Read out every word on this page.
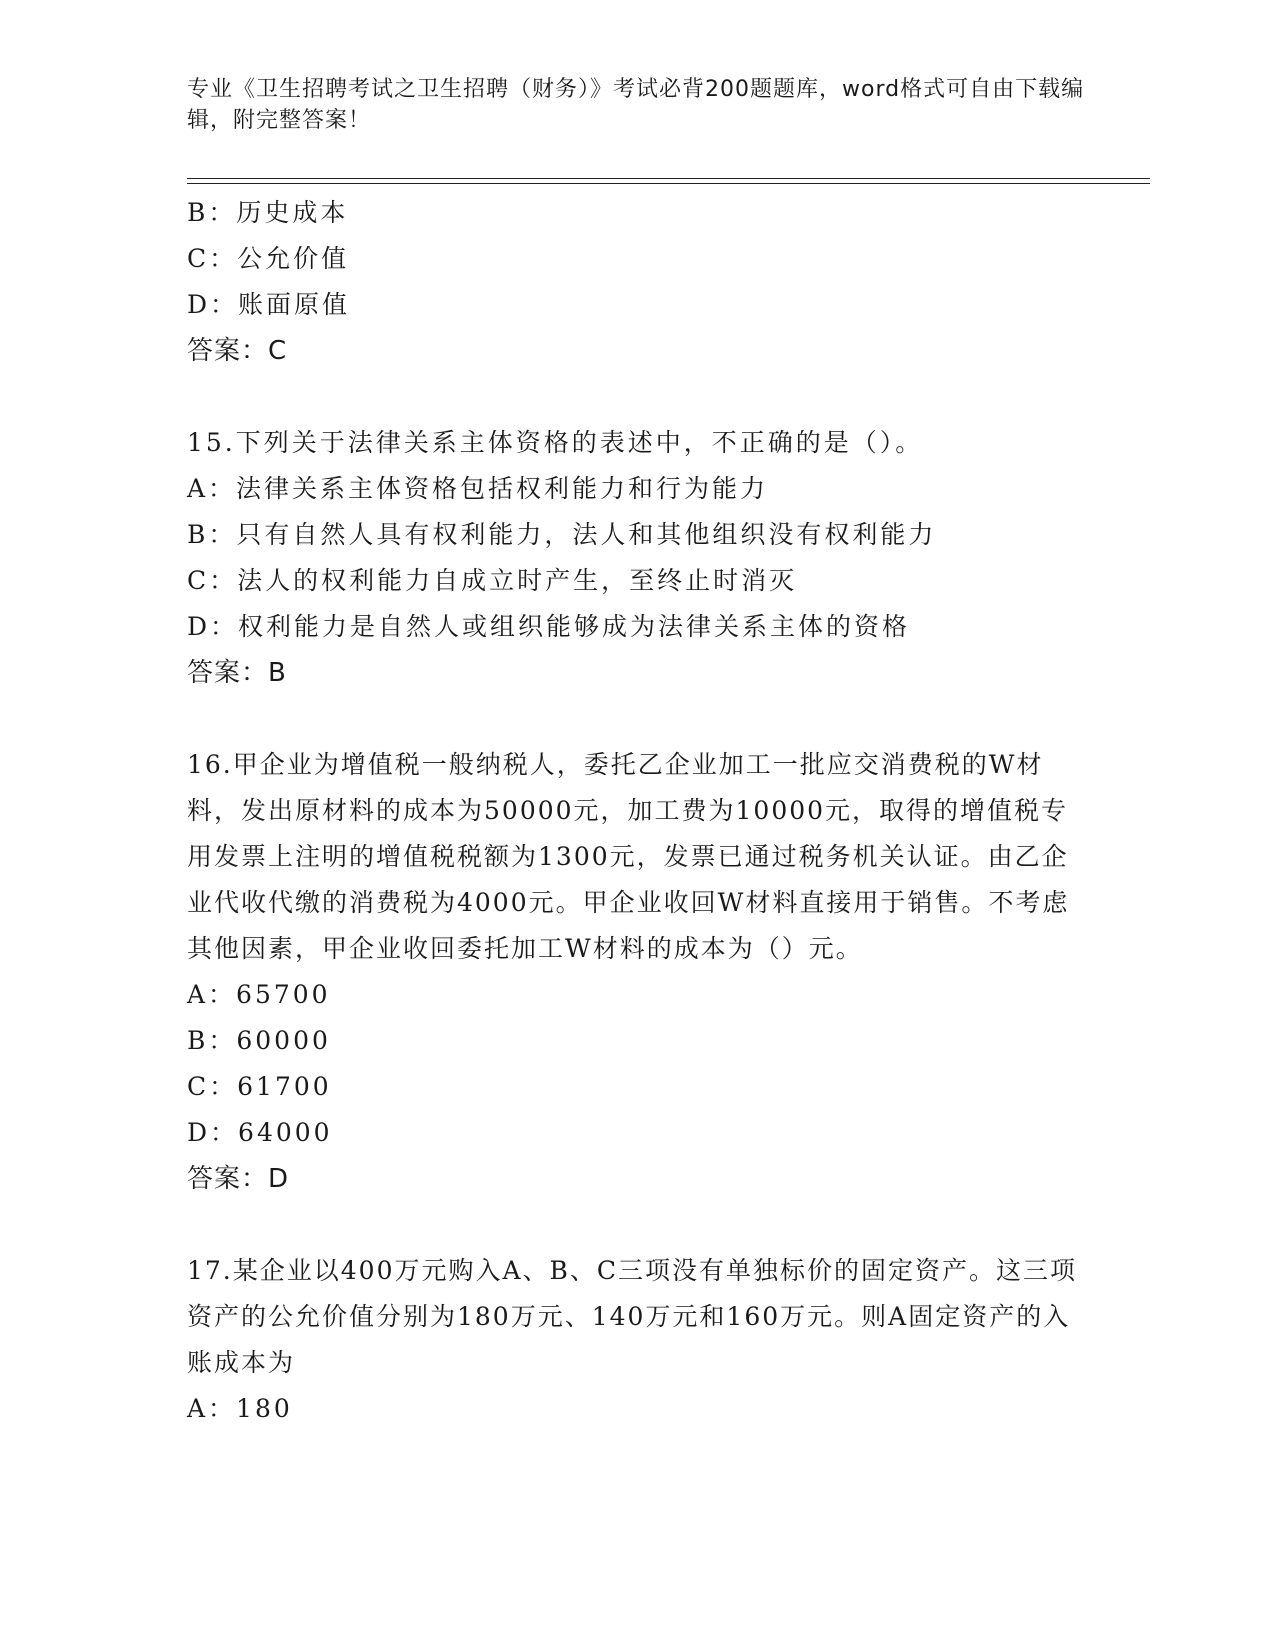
专业《卫生招聘考试之卫生招聘（财务）》考试必背200题题库，word格式可自由下载编辑，附完整答案！

B：历史成本
C：公允价值
D：账面原值
答案：C
15.下列关于法律关系主体资格的表述中，不正确的是（）。
A：法律关系主体资格包括权利能力和行为能力
B：只有自然人具有权利能力，法人和其他组织没有权利能力
C：法人的权利能力自成立时产生，至终止时消灭
D：权利能力是自然人或组织能够成为法律关系主体的资格
答案：B

16.甲企业为增值税一般纳税人，委托乙企业加工一批应交消费税的W材料，发出原材料的成本为50000元，加工费为10000元，取得的增值税专用发票上注明的增值税税额为1300元，发票已通过税务机关认证。由乙企业代收代缴的消费税为4000元。甲企业收回W材料直接用于销售。不考虑其他因素，甲企业收回委托加工W材料的成本为（）元。

A：65700
B：60000
C：61700
D：64000
答案：D

17.某企业以400万元购入A、B、C三项没有单独标价的固定资产。这三项资产的公允价值分别为180万元、140万元和160万元。则A固定资产的入账成本为

A：180
